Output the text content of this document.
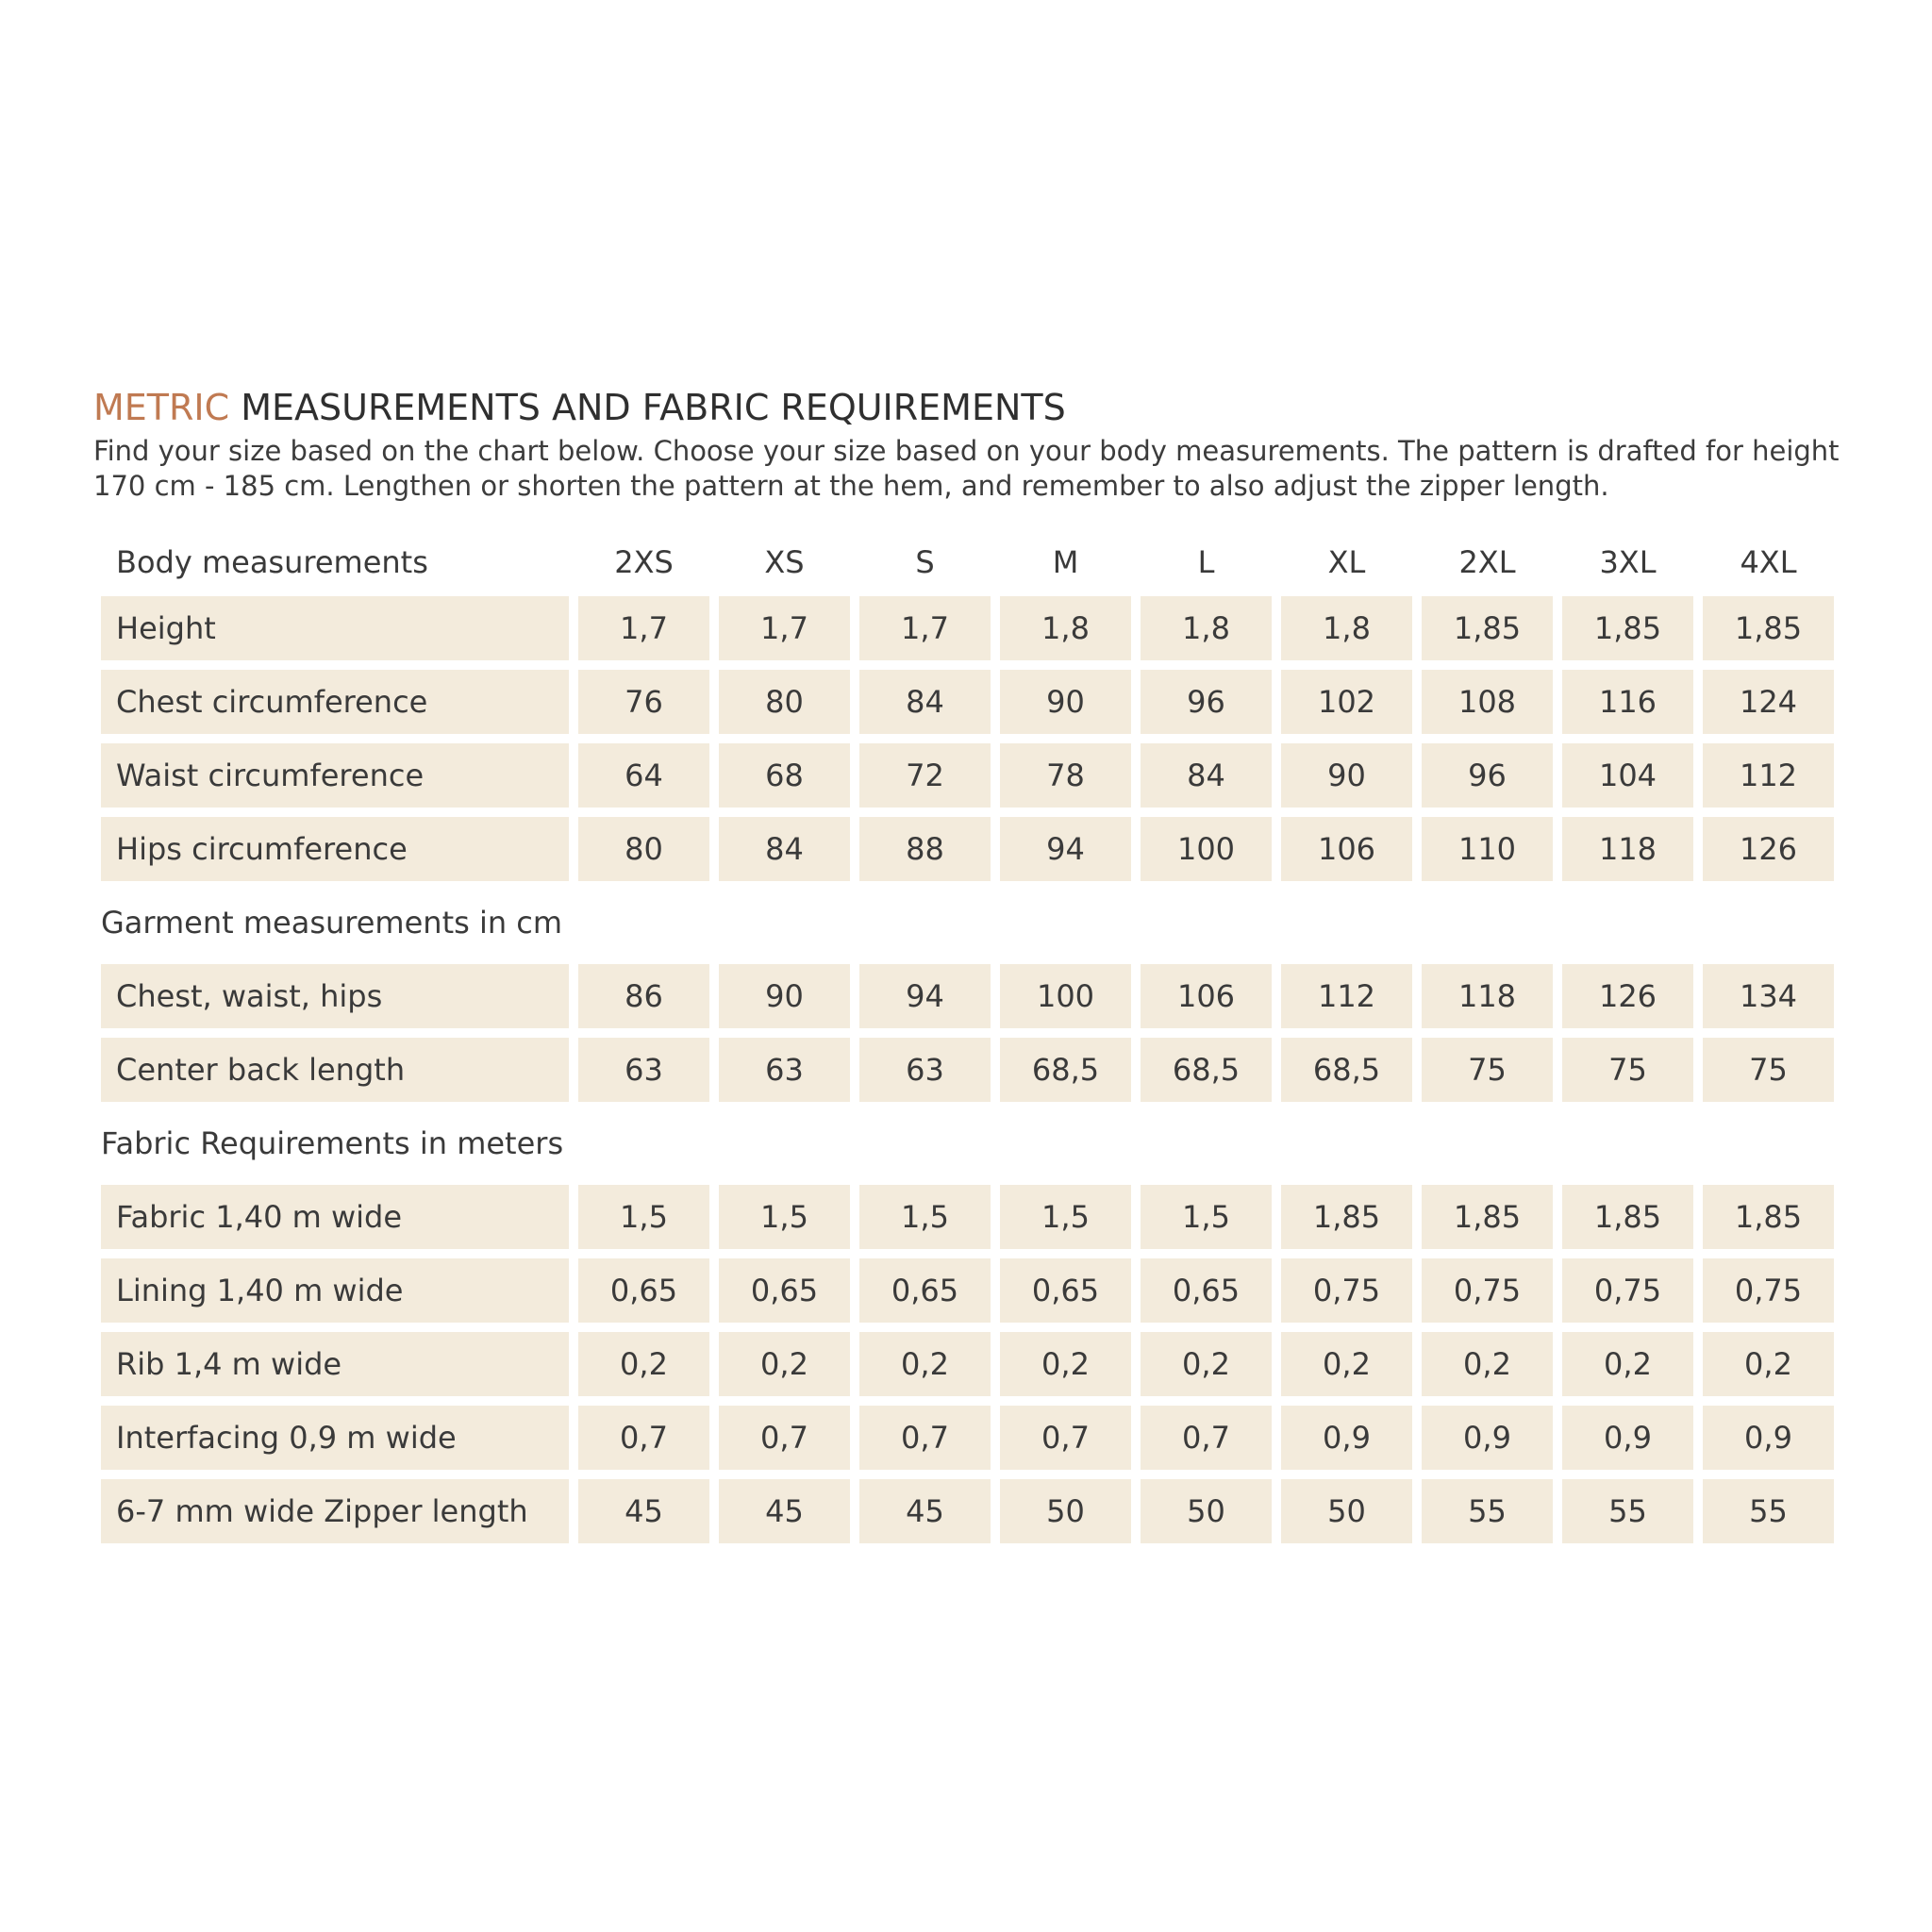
METRIC MEASUREMENTS AND FABRIC REQUIREMENTS
Find your size based on the chart below. Choose your size based on your body measurements. The pattern is drafted for height
170 cm - 185 cm. Lengthen or shorten the pattern at the hem, and remember to also adjust the zipper length.
Body measurements	2XS	XS	S	M	L	XL	2XL	3XL	4XL
Height	1,7	1,7	1,7	1,8	1,8	1,8	1,85	1,85	1,85

Chest circumference	76	80	84	90	96	102	108	116	124

Waist circumference	64	68	72	78	84	90	96	104	112

Hips circumference	80	84	88	94	100	106	110	118	126
Garment measurements in cm									
Chest, waist, hips	86	90	94	100	106	112	118	126	134

Center back length	63	63	63	68,5	68,5	68,5	75	75	75
Fabric Requirements in meters									
Fabric 1,40 m wide	1,5	1,5	1,5	1,5	1,5	1,85	1,85	1,85	1,85

Lining 1,40 m wide	0,65	0,65	0,65	0,65	0,65	0,75	0,75	0,75	0,75

Rib 1,4 m wide	0,2	0,2	0,2	0,2	0,2	0,2	0,2	0,2	0,2

Interfacing 0,9 m wide	0,7	0,7	0,7	0,7	0,7	0,9	0,9	0,9	0,9

6-7 mm wide Zipper length	45	45	45	50	50	50	55	55	55
